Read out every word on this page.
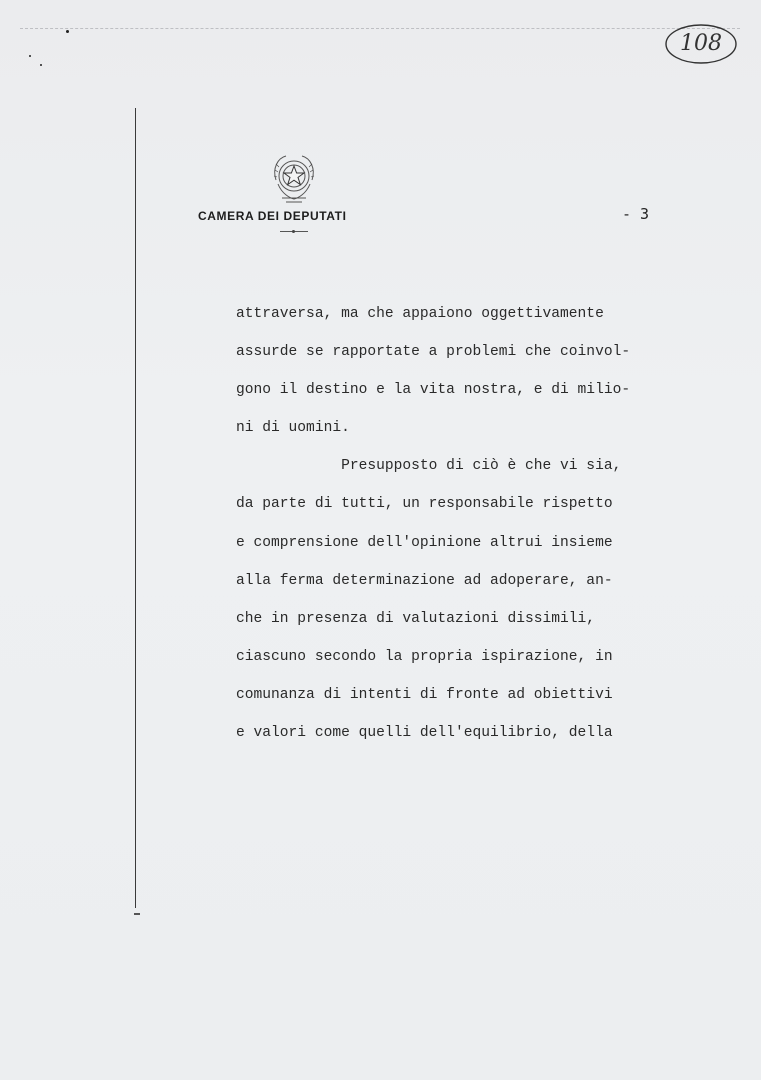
108
CAMERA DEI DEPUTATI	- 3
attraversa, ma che appaiono oggettivamente
assurde se rapportate a problemi che coinvol-
gono il destino e la vita nostra, e di milio-
ni di uomini.
Presupposto di ciò è che vi sia,
da parte di tutti, un responsabile rispetto
e comprensione dell'opinione altrui insieme
alla ferma determinazione ad adoperare, an-
che in presenza di valutazioni dissimili,
ciascuno secondo la propria ispirazione, in
comunanza di intenti di fronte ad obiettivi
e valori come quelli dell'equilibrio, della
